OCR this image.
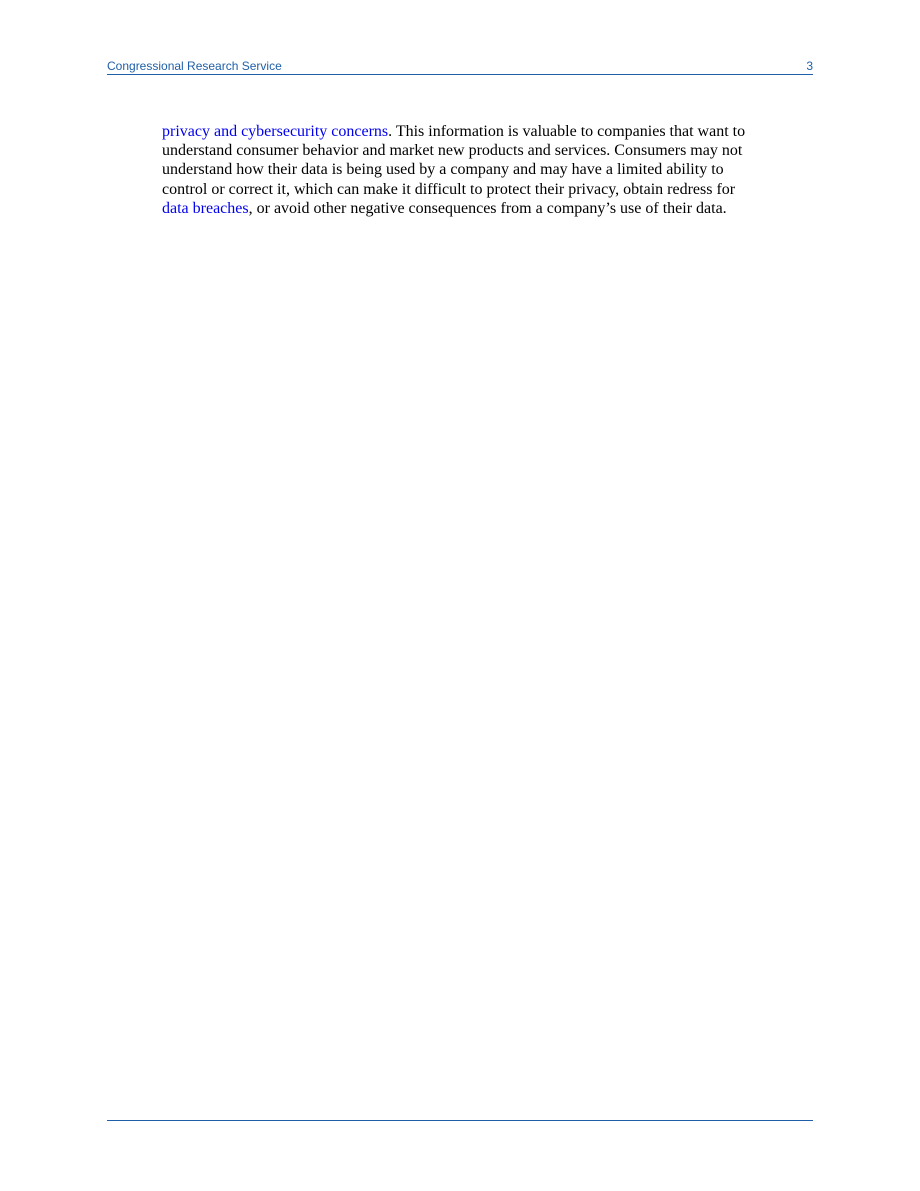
Congressional Research Service	3

privacy and cybersecurity concerns. This information is valuable to companies that want to understand consumer behavior and market new products and services. Consumers may not understand how their data is being used by a company and may have a limited ability to control or correct it, which can make it difficult to protect their privacy, obtain redress for data breaches, or avoid other negative consequences from a company’s use of their data.
